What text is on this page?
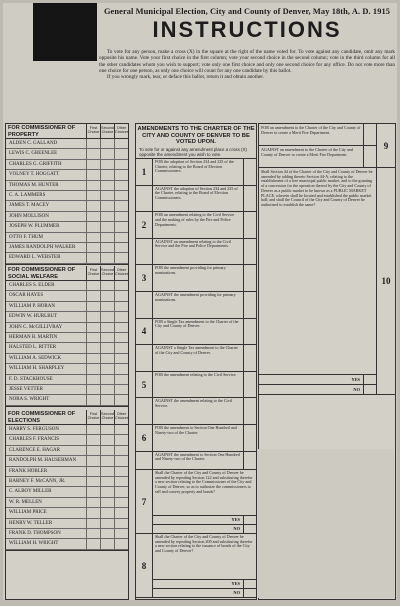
General Municipal Election, City and County of Denver, May 18th, A. D. 1915
INSTRUCTIONS

To vote for any person, make a cross (X) in the square at the right of the name voted for. To vote against any candidate, omit any mark opposite his name. Vote your first choice in the first column; vote your second choice in the second column; vote in the third column for all the other candidates whom you wish to support; vote only one first choice and only one second choice for any office. Do not vote more than one choice for one person, as only one choice will count for any one candidate by this ballot.

If you wrongly mark, tear, or deface this ballot, return it and obtain another.

FOR COMMISSIONER OF PROPERTY
First Choice
Second Choice
Other Choices
ALDEN C. GALLAND
LEWIS C. GREENLEE
CHARLES G. GRIFFITH
VOLNEY T. HOGGATT
THOMAS M. HUNTER
C. A. LAMMERS
JAMES T. MACEY
JOHN MOLLISON
JOSEPH W. PLUMMER
OTTO F. THUM
JAMES RANDOLPH WALKER
EDWARD L. WEBSTER
FOR COMMISSIONER OF SOCIAL WELFARE
First Choice
Second Choice
Other Choices
CHARLES S. ELDER
OSCAR HAYES
WILLIAM P. HORAN
EDWIN W. HURLBUT
JOHN C. McGILLIVRAY
HERMAN B. MARTIN
HALSTED L. RITTER
WILLIAM A. SEDWICK
WILLIAM H. SHARPLEY
F. D. STACKHOUSE
JESSE VETTER
NORA S. WRIGHT
FOR COMMISSIONER OF ELECTIONS
First Choice
Second Choice
Other Choices
HARRY S. FERGUSON
CHARLES F. FRANCIS
CLARENCE E. HAGAR
RANDOLPH M. HAUSERMAN
FRANK HOBLER
BARNEY F. McCANN, JR.
C. ALBOY MILLER
W. R. MELLEN
WILLIAM PRICE
HENRY W. TELLER
FRANK D. THOMPSON
WILLIAM H. WRIGHT
AMENDMENTS TO THE CHARTER OF THE CITY AND COUNTY OF DENVER TO BE VOTED UPON.
To vote for or against any amendment place a cross (X) opposite the amendment you wish to vote.
1
FOR the adoption of Section 234 and 235 of the Charter, relating to the Board of Election Commissioners.
AGAINST the adoption of Section 234 and 235 of the Charter, relating to the Board of Election Commissioners.
2
FOR an amendment relating to the Civil Service and the making of rules by the Fire and Police Departments.
AGAINST an amendment relating to the Civil Service and the Fire and Police Departments.
3
FOR the amendment providing for primary nominations.
AGAINST the amendment providing for primary nominations.
4
FOR a Single Tax amendment to the Charter of the City and County of Denver.
AGAINST a Single Tax amendment to the Charter of the City and County of Denver.
5
FOR the amendment relating to the Civil Service.
AGAINST the amendment relating to the Civil Service.
6
FOR the amendment to Section One Hundred and Ninety-two of the Charter.
AGAINST the amendment to Section One Hundred and Ninety-two of the Charter.
7
Shall the Charter of the City and County of Denver be amended by repealing Section 122 and substituting therefor a new section relating to the Commissioner of the City and County of Denver, so as to authorize the commissioners to sell and convey property and bonds?
YES
NO
8
Shall the Charter of the City and County of Denver be amended by repealing Section 200 and substituting therefor a new section relating to the issuance of bonds of the City and County of Denver?
YES
NO
FOR an amendment to the Charter of the City and County of Denver to create a Merit Fire Department.
AGAINST an amendment to the Charter of the City and County of Denver to create a Merit Fire Department.
9
Shall Section 44 of the Charter of the City and County of Denver be amended by adding thereto Section 44-A, relating to the establishment of a free municipal public market, and to the granting of a concession for the operation thereof by the City and County of Denver as a public market to be known as a PUBLIC MARKET PLACE, wherein shall be located and established the public market hall; and shall the Council of the City and County of Denver be authorized to establish the same?
YES
NO
10
